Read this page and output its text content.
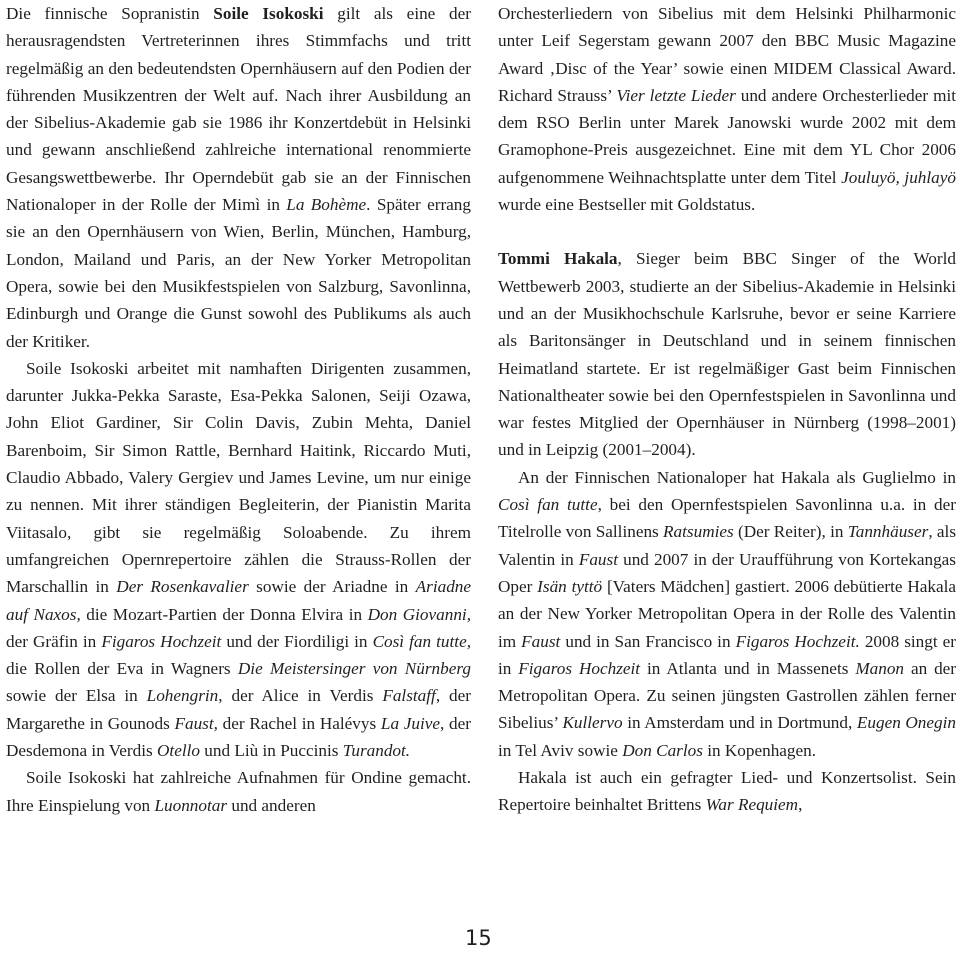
Die finnische Sopranistin Soile Isokoski gilt als eine der herausragendsten Vertreterinnen ihres Stimmfachs und tritt regelmäßig an den bedeutendsten Opernhäusern auf den Podien der führenden Musikzentren der Welt auf. Nach ihrer Ausbildung an der Sibelius-Akademie gab sie 1986 ihr Konzertdebüt in Helsinki und gewann anschließend zahlreiche international renommierte Gesangswettbewerbe. Ihr Operndebüt gab sie an der Finnischen Nationaloper in der Rolle der Mimì in La Bohème. Später errang sie an den Opernhäusern von Wien, Berlin, München, Hamburg, London, Mailand und Paris, an der New Yorker Metropolitan Opera, sowie bei den Musikfestspielen von Salzburg, Savonlinna, Edinburgh und Orange die Gunst sowohl des Publikums als auch der Kritiker.

Soile Isokoski arbeitet mit namhaften Dirigenten zusammen, darunter Jukka-Pekka Saraste, Esa-Pekka Salonen, Seiji Ozawa, John Eliot Gardiner, Sir Colin Davis, Zubin Mehta, Daniel Barenboim, Sir Simon Rattle, Bernhard Haitink, Riccardo Muti, Claudio Abbado, Valery Gergiev und James Levine, um nur einige zu nennen. Mit ihrer ständigen Begleiterin, der Pianistin Marita Viitasalo, gibt sie regelmäßig Soloabende. Zu ihrem umfangreichen Opernrepertoire zählen die Strauss-Rollen der Marschallin in Der Rosenkavalier sowie der Ariadne in Ariadne auf Naxos, die Mozart-Partien der Donna Elvira in Don Giovanni, der Gräfin in Figaros Hochzeit und der Fiordiligi in Così fan tutte, die Rollen der Eva in Wagners Die Meistersinger von Nürnberg sowie der Elsa in Lohengrin, der Alice in Verdis Falstaff, der Margarethe in Gounods Faust, der Rachel in Halévys La Juive, der Desdemona in Verdis Otello und Liù in Puccinis Turandot.

Soile Isokoski hat zahlreiche Aufnahmen für Ondine gemacht. Ihre Einspielung von Luonnotar und anderen

Orchesterliedern von Sibelius mit dem Helsinki Philharmonic unter Leif Segerstam gewann 2007 den BBC Music Magazine Award ‚Disc of the Year’ sowie einen MIDEM Classical Award. Richard Strauss’ Vier letzte Lieder und andere Orchesterlieder mit dem RSO Berlin unter Marek Janowski wurde 2002 mit dem Gramophone-Preis ausgezeichnet. Eine mit dem YL Chor 2006 aufgenommene Weihnachtsplatte unter dem Titel Jouluyö, juhlayö wurde eine Bestseller mit Goldstatus.

Tommi Hakala, Sieger beim BBC Singer of the World Wettbewerb 2003, studierte an der Sibelius-Akademie in Helsinki und an der Musikhochschule Karlsruhe, bevor er seine Karriere als Baritonsänger in Deutschland und in seinem finnischen Heimatland startete. Er ist regelmäßiger Gast beim Finnischen Nationaltheater sowie bei den Opernfestspielen in Savonlinna und war festes Mitglied der Opernhäuser in Nürnberg (1998–2001) und in Leipzig (2001–2004).

An der Finnischen Nationaloper hat Hakala als Guglielmo in Così fan tutte, bei den Opernfestspielen Savonlinna u.a. in der Titelrolle von Sallinens Ratsumies (Der Reiter), in Tannhäuser, als Valentin in Faust und 2007 in der Uraufführung von Kortekangas Oper Isän tyttö [Vaters Mädchen] gastiert. 2006 debütierte Hakala an der New Yorker Metropolitan Opera in der Rolle des Valentin im Faust und in San Francisco in Figaros Hochzeit. 2008 singt er in Figaros Hochzeit in Atlanta und in Massenets Manon an der Metropolitan Opera. Zu seinen jüngsten Gastrollen zählen ferner Sibelius’ Kullervo in Amsterdam und in Dortmund, Eugen Onegin in Tel Aviv sowie Don Carlos in Kopenhagen.

Hakala ist auch ein gefragter Lied- und Konzertsolist. Sein Repertoire beinhaltet Brittens War Requiem,

15
